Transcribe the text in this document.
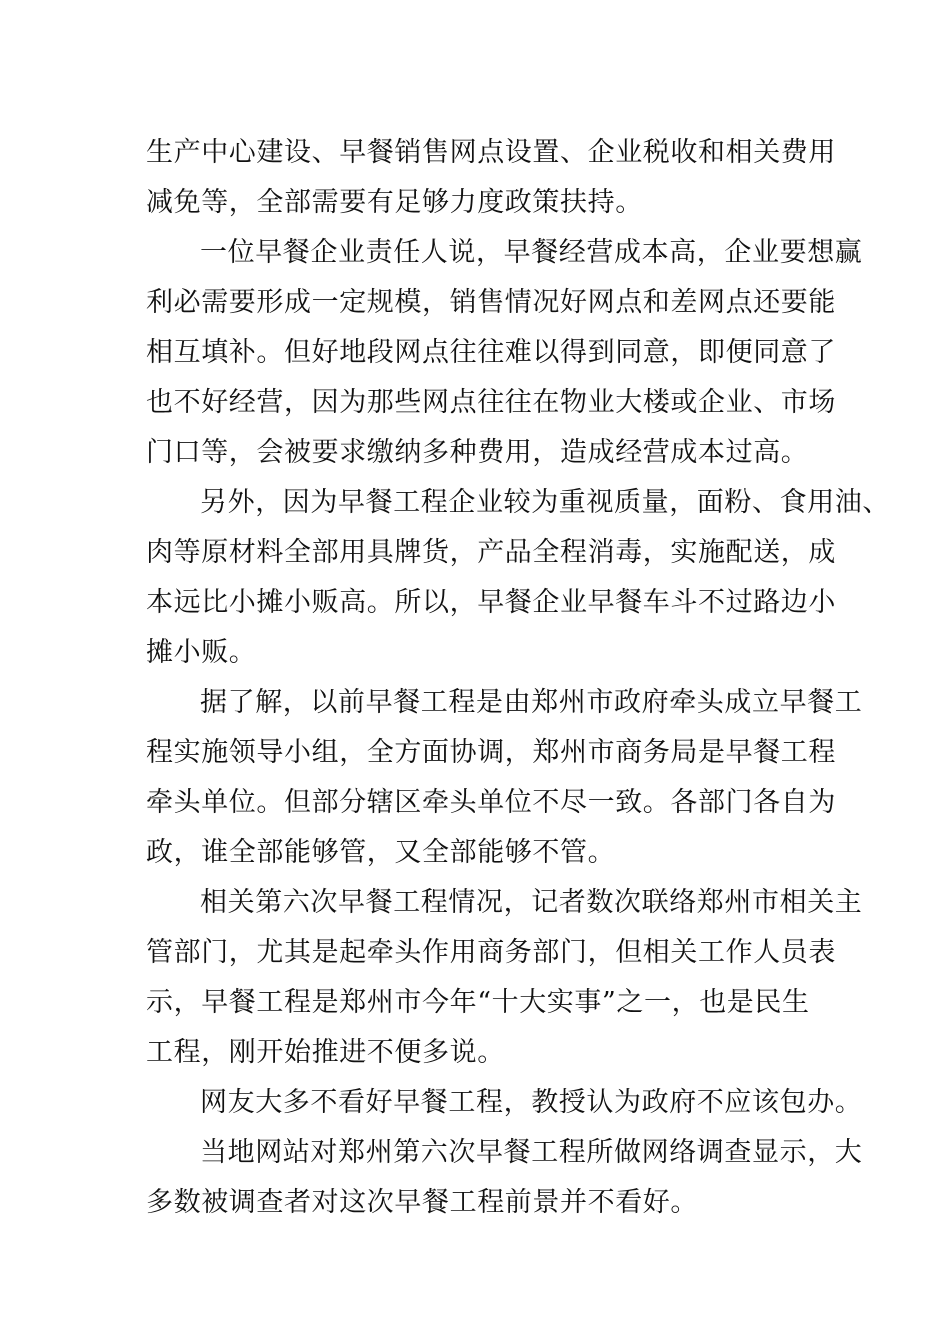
生产中心建设、早餐销售网点设置、企业税收和相关费用
减免等，全部需要有足够力度政策扶持。

一位早餐企业责任人说，早餐经营成本高，企业要想赢
利必需要形成一定规模，销售情况好网点和差网点还要能
相互填补。但好地段网点往往难以得到同意，即便同意了
也不好经营，因为那些网点往往在物业大楼或企业、市场
门口等，会被要求缴纳多种费用，造成经营成本过高。

另外，因为早餐工程企业较为重视质量，面粉、食用油、
肉等原材料全部用具牌货，产品全程消毒，实施配送，成
本远比小摊小贩高。所以，早餐企业早餐车斗不过路边小
摊小贩。

据了解，以前早餐工程是由郑州市政府牵头成立早餐工
程实施领导小组，全方面协调，郑州市商务局是早餐工程
牵头单位。但部分辖区牵头单位不尽一致。各部门各自为
政，谁全部能够管，又全部能够不管。

相关第六次早餐工程情况，记者数次联络郑州市相关主
管部门，尤其是起牵头作用商务部门，但相关工作人员表
示，早餐工程是郑州市今年“十大实事”之一，也是民生
工程，刚开始推进不便多说。

网友大多不看好早餐工程，教授认为政府不应该包办。

当地网站对郑州第六次早餐工程所做网络调查显示，大
多数被调查者对这次早餐工程前景并不看好。
